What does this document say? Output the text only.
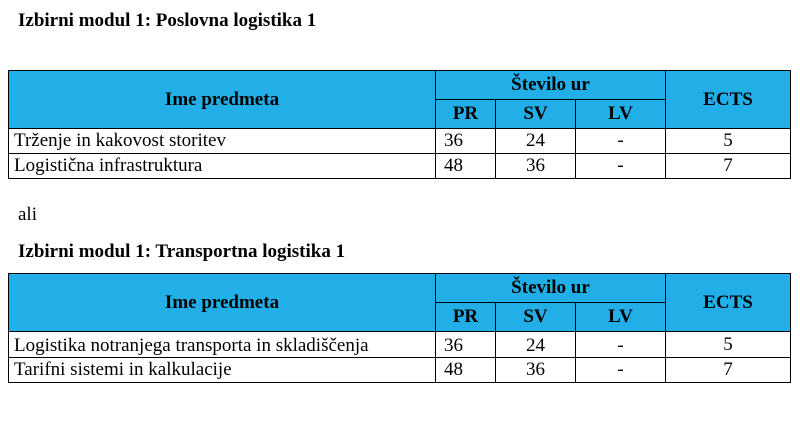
Izbirni modul 1: Poslovna logistika 1
Ime predmeta	Število ur			ECTS
	PR	SV	LV	
Trženje in kakovost storitev	36	24	-	5
Logistična infrastruktura	48	36	-	7
ali
Izbirni modul 1: Transportna logistika 1
Ime predmeta	Število ur			ECTS
	PR	SV	LV	
Logistika notranjega transporta in skladiščenja	36	24	-	5
Tarifni sistemi in kalkulacije	48	36	-	7
